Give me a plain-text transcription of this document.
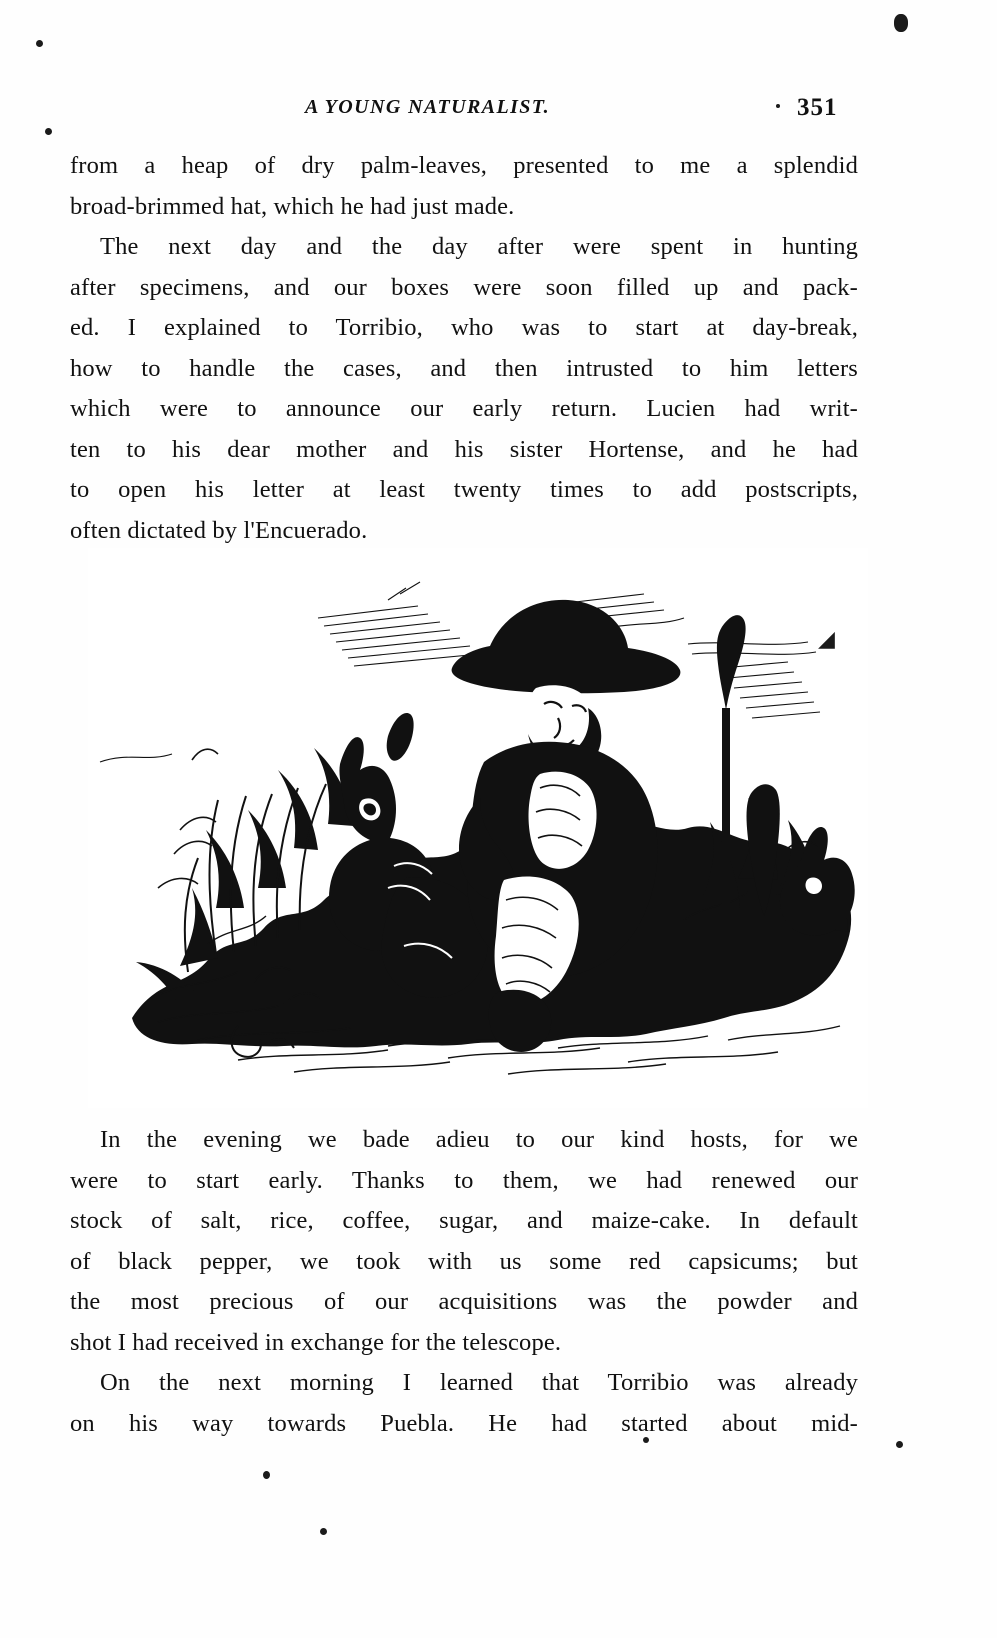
A YOUNG NATURALIST.	351

from a heap of dry palm-leaves, presented to me a splendid
broad-brimmed hat, which he had just made.

The next day and the day after were spent in hunting
after specimens, and our boxes were soon filled up and pack-
ed. I explained to Torribio, who was to start at day-break,
how to handle the cases, and then intrusted to him letters
which were to announce our early return. Lucien had writ-
ten to his dear mother and his sister Hortense, and he had
to open his letter at least twenty times to add postscripts,
often dictated by l'Encuerado.

◢

In the evening we bade adieu to our kind hosts, for we
were to start early. Thanks to them, we had renewed our
stock of salt, rice, coffee, sugar, and maize-cake. In default
of black pepper, we took with us some red capsicums; but
the most precious of our acquisitions was the powder and
shot I had received in exchange for the telescope.

On the next morning I learned that Torribio was already
on his way towards Puebla. He had started about mid-
